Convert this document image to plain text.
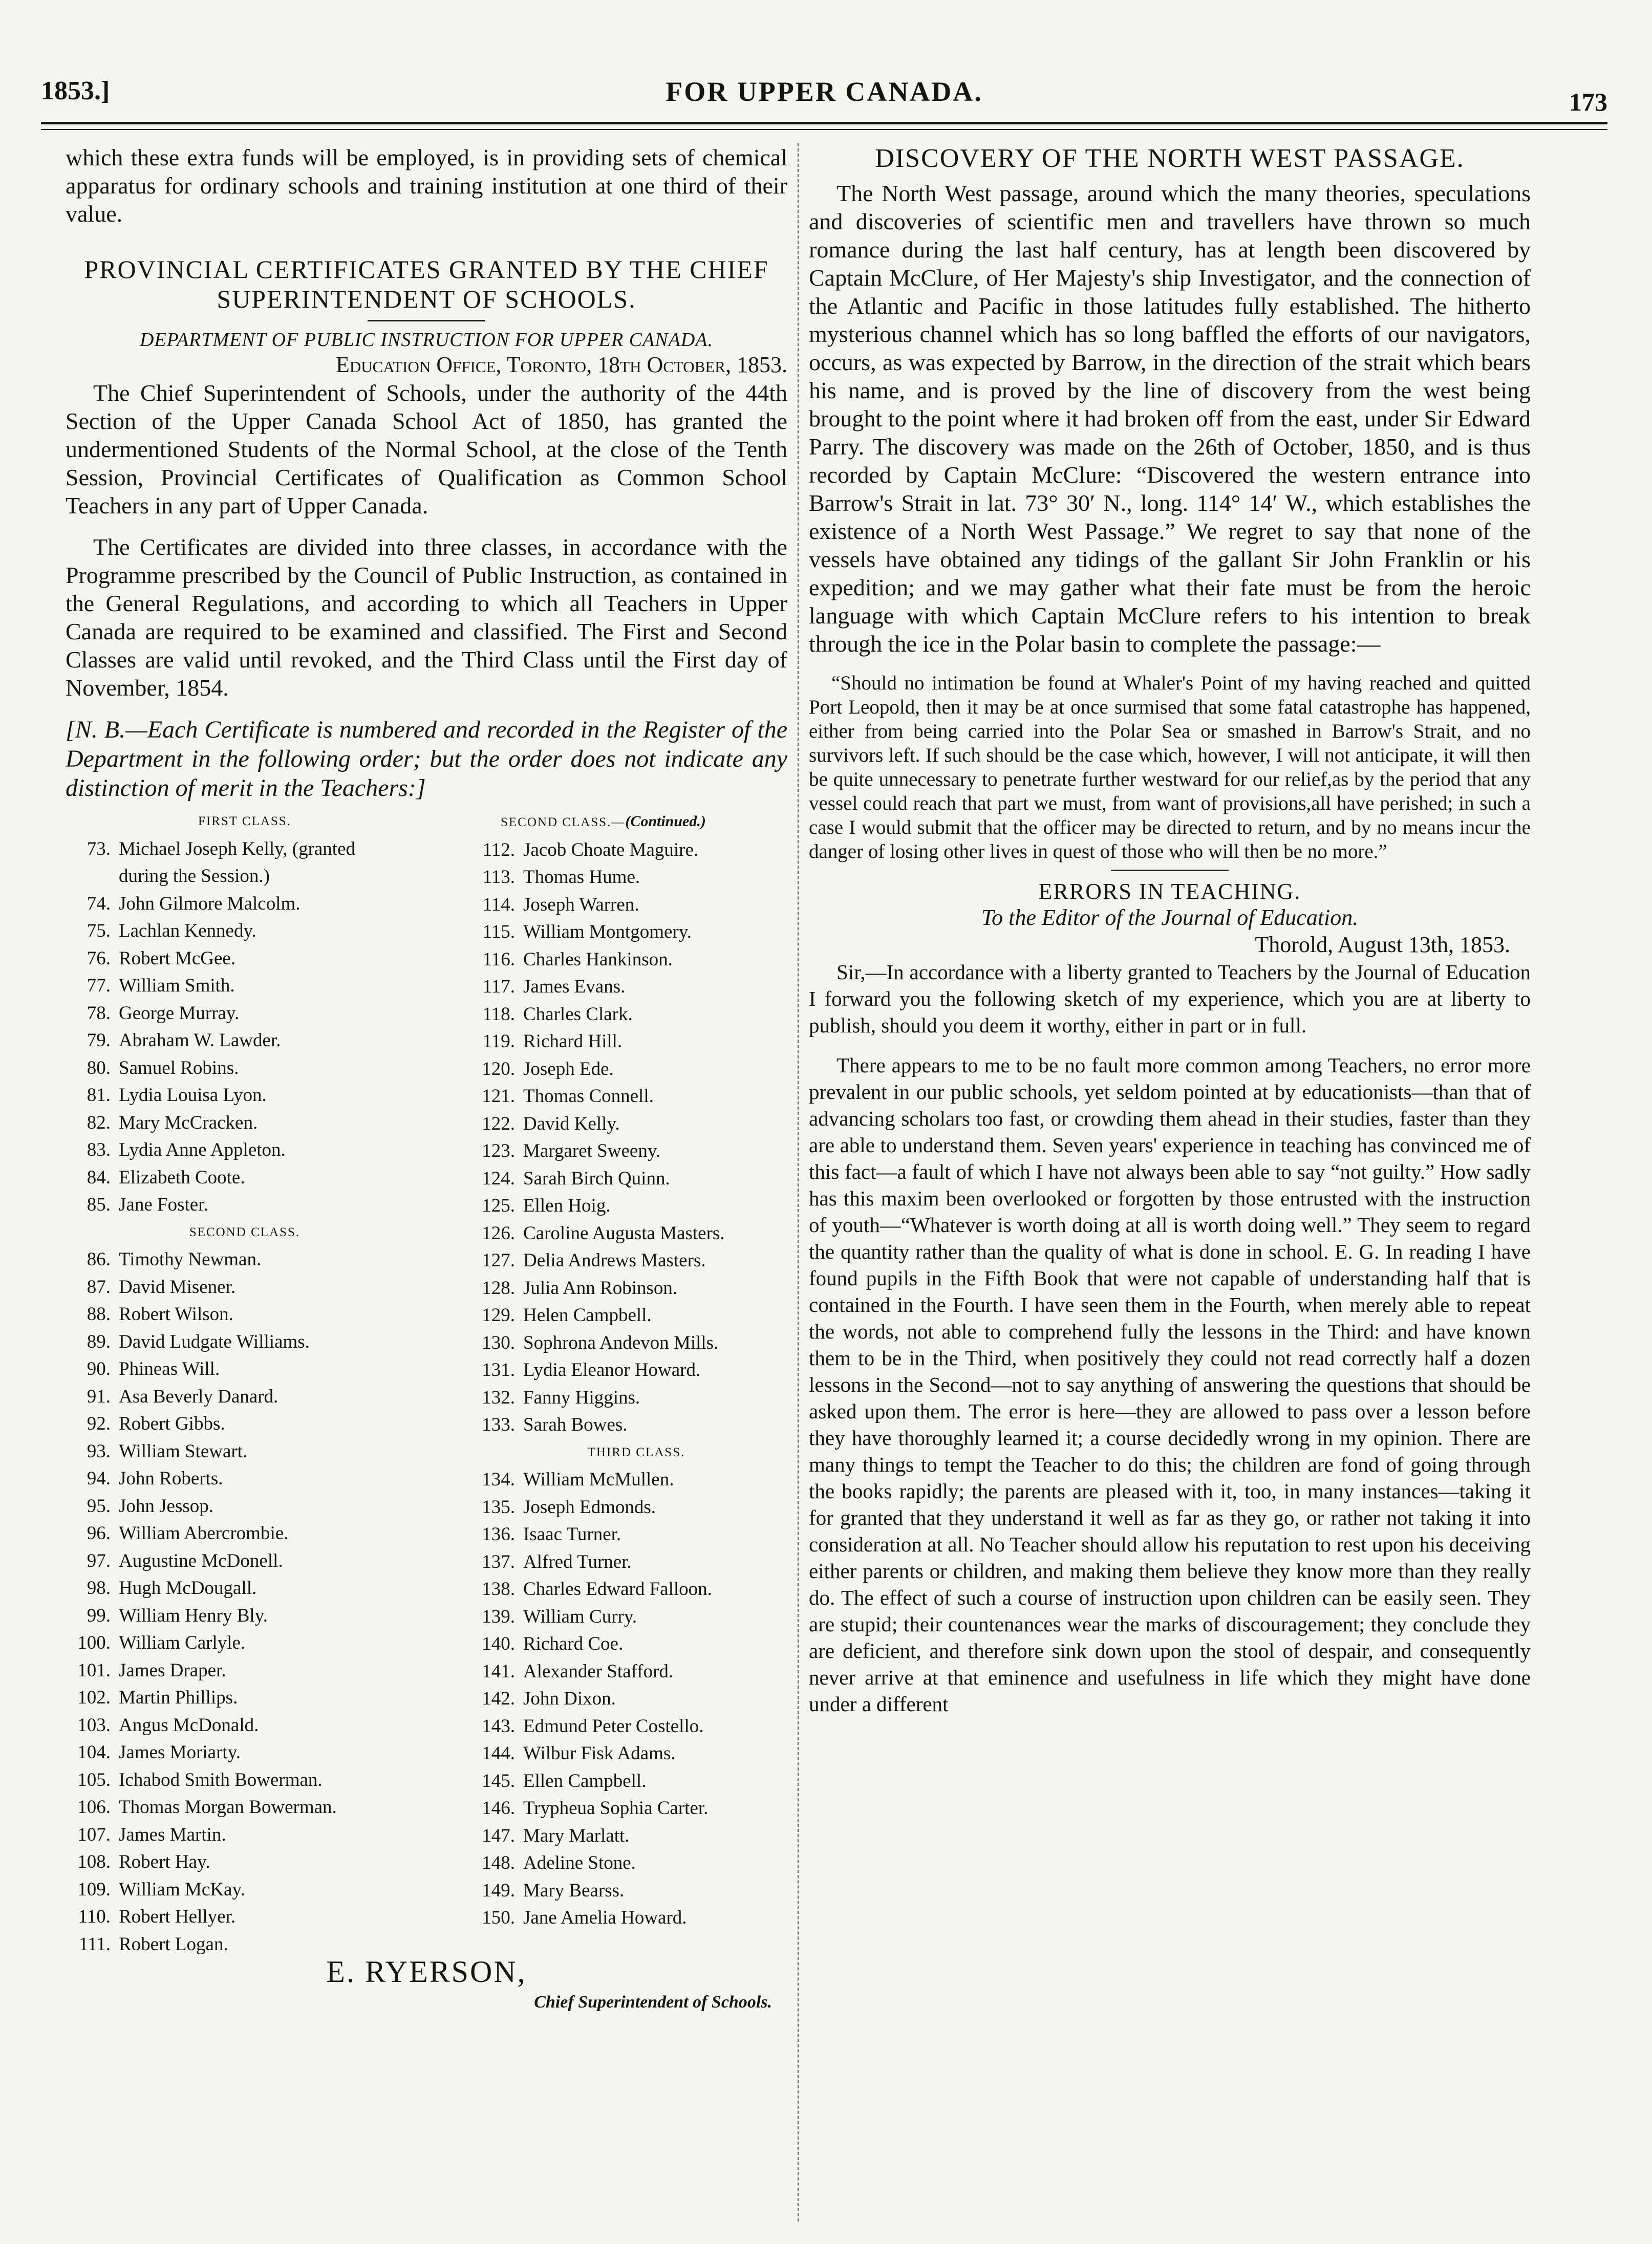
1853.]	FOR UPPER CANADA.	173

which these extra funds will be employed, is in providing sets of chemical apparatus for ordinary schools and training institution at one third of their value.

PROVINCIAL CERTIFICATES GRANTED BY THE CHIEF SUPERINTENDENT OF SCHOOLS.
DEPARTMENT OF PUBLIC INSTRUCTION FOR UPPER CANADA.
Education Office, Toronto, 18th October, 1853.

The Chief Superintendent of Schools, under the authority of the 44th Section of the Upper Canada School Act of 1850, has granted the undermentioned Students of the Normal School, at the close of the Tenth Session, Provincial Certificates of Qualification as Common School Teachers in any part of Upper Canada.

The Certificates are divided into three classes, in accordance with the Programme prescribed by the Council of Public Instruction, as contained in the General Regulations, and according to which all Teachers in Upper Canada are required to be examined and classified. The First and Second Classes are valid until revoked, and the Third Class until the First day of November, 1854.

[N. B.—Each Certificate is numbered and recorded in the Register of the Department in the following order; but the order does not indicate any distinction of merit in the Teachers:]

FIRST CLASS.
73. Michael Joseph Kelly, (granted
during the Session.)
74. John Gilmore Malcolm.
75. Lachlan Kennedy.
76. Robert McGee.
77. William Smith.
78. George Murray.
79. Abraham W. Lawder.
80. Samuel Robins.
81. Lydia Louisa Lyon.
82. Mary McCracken.
83. Lydia Anne Appleton.
84. Elizabeth Coote.
85. Jane Foster.
SECOND CLASS.
86. Timothy Newman.
87. David Misener.
88. Robert Wilson.
89. David Ludgate Williams.
90. Phineas Will.
91. Asa Beverly Danard.
92. Robert Gibbs.
93. William Stewart.
94. John Roberts.
95. John Jessop.
96. William Abercrombie.
97. Augustine McDonell.
98. Hugh McDougall.
99. William Henry Bly.
100. William Carlyle.
101. James Draper.
102. Martin Phillips.
103. Angus McDonald.
104. James Moriarty.
105. Ichabod Smith Bowerman.
106. Thomas Morgan Bowerman.
107. James Martin.
108. Robert Hay.
109. William McKay.
110. Robert Hellyer.
111. Robert Logan.
SECOND CLASS.—(Continued.)
112. Jacob Choate Maguire.
113. Thomas Hume.
114. Joseph Warren.
115. William Montgomery.
116. Charles Hankinson.
117. James Evans.
118. Charles Clark.
119. Richard Hill.
120. Joseph Ede.
121. Thomas Connell.
122. David Kelly.
123. Margaret Sweeny.
124. Sarah Birch Quinn.
125. Ellen Hoig.
126. Caroline Augusta Masters.
127. Delia Andrews Masters.
128. Julia Ann Robinson.
129. Helen Campbell.
130. Sophrona Andevon Mills.
131. Lydia Eleanor Howard.
132. Fanny Higgins.
133. Sarah Bowes.
THIRD CLASS.
134. William McMullen.
135. Joseph Edmonds.
136. Isaac Turner.
137. Alfred Turner.
138. Charles Edward Falloon.
139. William Curry.
140. Richard Coe.
141. Alexander Stafford.
142. John Dixon.
143. Edmund Peter Costello.
144. Wilbur Fisk Adams.
145. Ellen Campbell.
146. Trypheua Sophia Carter.
147. Mary Marlatt.
148. Adeline Stone.
149. Mary Bearss.
150. Jane Amelia Howard.
E. RYERSON,
Chief Superintendent of Schools.
DISCOVERY OF THE NORTH WEST PASSAGE.

The North West passage, around which the many theories, speculations and discoveries of scientific men and travellers have thrown so much romance during the last half century, has at length been discovered by Captain McClure, of Her Majesty's ship Investigator, and the connection of the Atlantic and Pacific in those latitudes fully established. The hitherto mysterious channel which has so long baffled the efforts of our navigators, occurs, as was expected by Barrow, in the direction of the strait which bears his name, and is proved by the line of discovery from the west being brought to the point where it had broken off from the east, under Sir Edward Parry. The discovery was made on the 26th of October, 1850, and is thus recorded by Captain McClure: “Discovered the western entrance into Barrow's Strait in lat. 73° 30′ N., long. 114° 14′ W., which establishes the existence of a North West Passage.” We regret to say that none of the vessels have obtained any tidings of the gallant Sir John Franklin or his expedition; and we may gather what their fate must be from the heroic language with which Captain McClure refers to his intention to break through the ice in the Polar basin to complete the passage:—

“Should no intimation be found at Whaler's Point of my having reached and quitted Port Leopold, then it may be at once surmised that some fatal catastrophe has happened, either from being carried into the Polar Sea or smashed in Barrow's Strait, and no survivors left. If such should be the case which, however, I will not anticipate, it will then be quite unnecessary to penetrate further westward for our relief,as by the period that any vessel could reach that part we must, from want of provisions,all have perished; in such a case I would submit that the officer may be directed to return, and by no means incur the danger of losing other lives in quest of those who will then be no more.”

ERRORS IN TEACHING.
To the Editor of the Journal of Education.
Thorold, August 13th, 1853.

Sir,—In accordance with a liberty granted to Teachers by the Journal of Education I forward you the following sketch of my experience, which you are at liberty to publish, should you deem it worthy, either in part or in full.

There appears to me to be no fault more common among Teachers, no error more prevalent in our public schools, yet seldom pointed at by educationists—than that of advancing scholars too fast, or crowding them ahead in their studies, faster than they are able to understand them. Seven years' experience in teaching has convinced me of this fact—a fault of which I have not always been able to say “not guilty.” How sadly has this maxim been overlooked or forgotten by those entrusted with the instruction of youth—“Whatever is worth doing at all is worth doing well.” They seem to regard the quantity rather than the quality of what is done in school. E. G. In reading I have found pupils in the Fifth Book that were not capable of understanding half that is contained in the Fourth. I have seen them in the Fourth, when merely able to repeat the words, not able to comprehend fully the lessons in the Third: and have known them to be in the Third, when positively they could not read correctly half a dozen lessons in the Second—not to say anything of answering the questions that should be asked upon them. The error is here—they are allowed to pass over a lesson before they have thoroughly learned it; a course decidedly wrong in my opinion. There are many things to tempt the Teacher to do this; the children are fond of going through the books rapidly; the parents are pleased with it, too, in many instances—taking it for granted that they understand it well as far as they go, or rather not taking it into consideration at all. No Teacher should allow his reputation to rest upon his deceiving either parents or children, and making them believe they know more than they really do. The effect of such a course of instruction upon children can be easily seen. They are stupid; their countenances wear the marks of discouragement; they conclude they are deficient, and therefore sink down upon the stool of despair, and consequently never arrive at that eminence and usefulness in life which they might have done under a different
